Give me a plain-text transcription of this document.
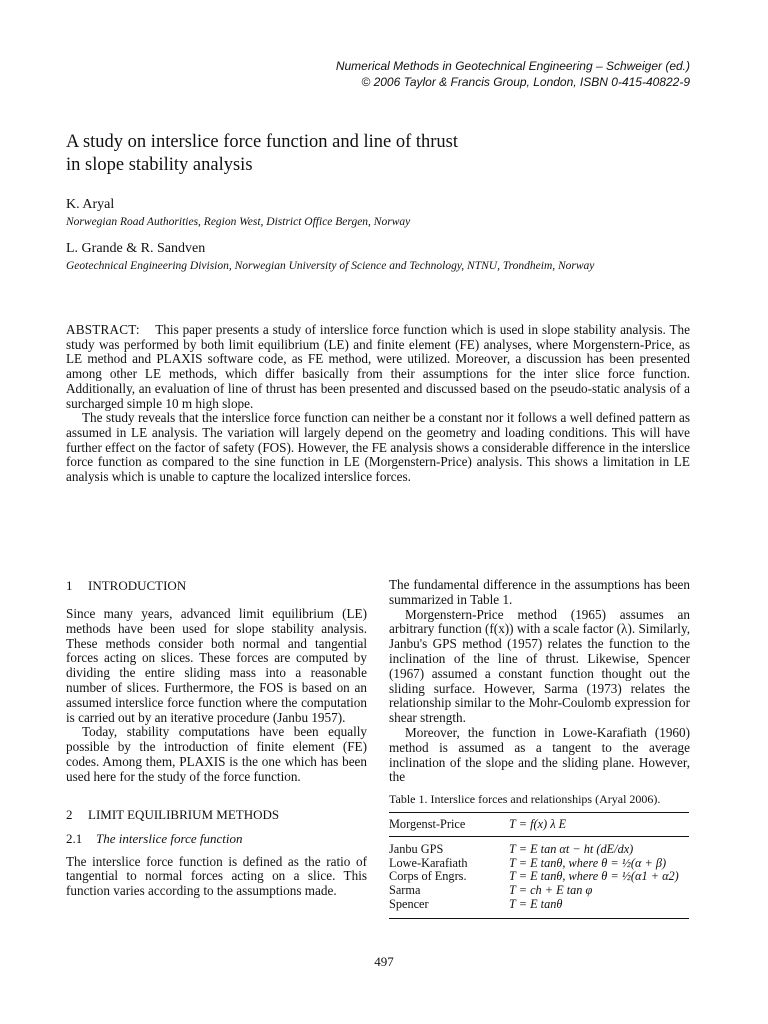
Numerical Methods in Geotechnical Engineering – Schweiger (ed.)
© 2006 Taylor & Francis Group, London, ISBN 0-415-40822-9
A study on interslice force function and line of thrust
in slope stability analysis
K. Aryal
Norwegian Road Authorities, Region West, District Office Bergen, Norway
L. Grande & R. Sandven
Geotechnical Engineering Division, Norwegian University of Science and Technology, NTNU, Trondheim, Norway

ABSTRACT: This paper presents a study of interslice force function which is used in slope stability analysis. The study was performed by both limit equilibrium (LE) and finite element (FE) analyses, where Morgenstern-Price, as LE method and PLAXIS software code, as FE method, were utilized. Moreover, a discussion has been presented among other LE methods, which differ basically from their assumptions for the inter slice force function. Additionally, an evaluation of line of thrust has been presented and discussed based on the pseudo-static analysis of a surcharged simple 10 m high slope.

The study reveals that the interslice force function can neither be a constant nor it follows a well defined pattern as assumed in LE analysis. The variation will largely depend on the geometry and loading conditions. This will have further effect on the factor of safety (FOS). However, the FE analysis shows a considerable difference in the interslice force function as compared to the sine function in LE (Morgenstern-Price) analysis. This shows a limitation in LE analysis which is unable to capture the localized interslice forces.

1 INTRODUCTION

Since many years, advanced limit equilibrium (LE) methods have been used for slope stability analysis. These methods consider both normal and tangential forces acting on slices. These forces are computed by dividing the entire sliding mass into a reasonable number of slices. Furthermore, the FOS is based on an assumed interslice force function where the computation is carried out by an iterative procedure (Janbu 1957).

Today, stability computations have been equally possible by the introduction of finite element (FE) codes. Among them, PLAXIS is the one which has been used here for the study of the force function.

2 LIMIT EQUILIBRIUM METHODS

2.1 The interslice force function

The interslice force function is defined as the ratio of tangential to normal forces acting on a slice. This function varies according to the assumptions made.

The fundamental difference in the assumptions has been summarized in Table 1.

Morgenstern-Price method (1965) assumes an arbitrary function (f(x)) with a scale factor (λ). Similarly, Janbu's GPS method (1957) relates the function to the inclination of the line of thrust. Likewise, Spencer (1967) assumed a constant function thought out the sliding surface. However, Sarma (1973) relates the relationship similar to the Mohr-Coulomb expression for shear strength.

Moreover, the function in Lowe-Karafiath (1960) method is assumed as a tangent to the average inclination of the slope and the sliding plane. However, the

Table 1. Interslice forces and relationships (Aryal 2006).
Morgenst-Price	T = f(x) λ E
Janbu GPS	T = E tan αt − ht (dE/dx)
Lowe-Karafiath	T = E tanθ, where θ = ½(α + β)
Corps of Engrs.	T = E tanθ, where θ = ½(α1 + α2)
Sarma	T = ch + E tan φ
Spencer	T = E tanθ
497
